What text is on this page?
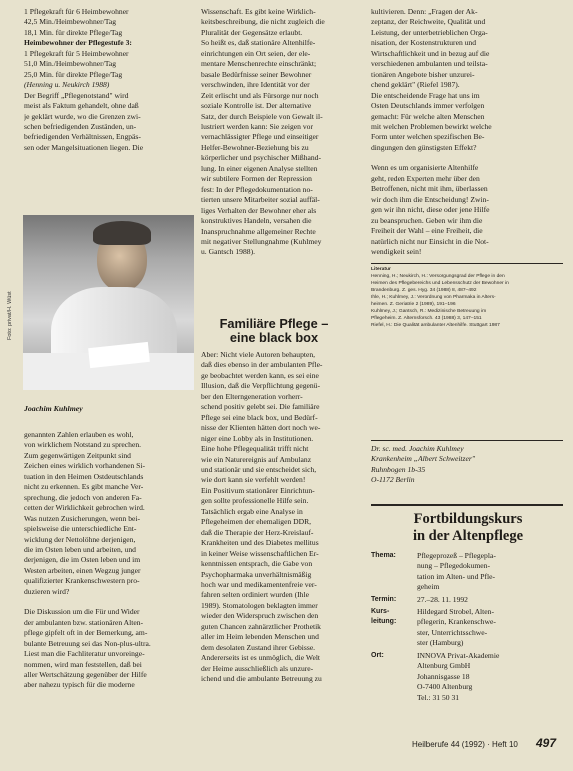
1 Pflegekraft für 6 Heimbewohner
42,5 Min./Heimbewohner/Tag
18,1 Min. für direkte Pflege/Tag
Heimbewohner der Pflegestufe 3:
1 Pflegekraft für 5 Heimbewohner
51,0 Min./Heimbewohner/Tag
25,0 Min. für direkte Pflege/Tag
(Henning u. Neukirch 1988)
Der Begriff „Pflegenotstand" wird
meist als Faktum gehandelt, ohne daß
je geklärt wurde, wo die Grenzen zwi-
schen befriedigenden Zuständen, un-
befriedigenden Verhältnissen, Engpäs-
sen oder Mangelsituationen liegen. Die
Foto: privat/H. Wüst
Joachim Kuhlmey
genannten Zahlen erlauben es wohl,
von wirklichem Notstand zu sprechen.
Zum gegenwärtigen Zeitpunkt sind
Zeichen eines wirklich vorhandenen Si-
tuation in den Heimen Ostdeutschlands
nicht zu erkennen. Es gibt manche Ver-
sprechung, die jedoch von anderen Fa-
cetten der Wirklichkeit gebrochen wird.
Was nutzen Zusicherungen, wenn bei-
spielsweise die unterschiedliche Ent-
wicklung der Nettolöhne derjenigen,
die im Osten leben und arbeiten, und
derjenigen, die im Osten leben und im
Westen arbeiten, einen Wegzug junger
qualifizierter Krankenschwestern pro-
duzieren wird?
Die Diskussion um die Für und Wider
der ambulanten bzw. stationären Alten-
pflege gipfelt oft in der Bemerkung, am-
bulante Betreuung sei das Non-plus-ultra.
Liest man die Fachliteratur unvoreinge-
nommen, wird man feststellen, daß bei
aller Wertschätzung gegenüber der Hilfe
aber nahezu typisch für die moderne
Wissenschaft. Es gibt keine Wirklich-
keitsbeschreibung, die nicht zugleich die
Pluralität der Gegensätze erlaubt.
So heißt es, daß stationäre Altenhilfe-
einrichtungen ein Ort seien, der ele-
mentare Menschenrechte einschränkt;
basale Bedürfnisse seiner Bewohner
verschwinden, ihre Identität vor der
Zeit erlischt und als Fürsorge nur noch
soziale Kontrolle ist. Der alternative
Satz, der durch Beispiele von Gewalt il-
lustriert werden kann: Sie zeigen vor
vernachlässigter Pflege und einseitiger
Helfer-Bewohner-Beziehung bis zu
körperlicher und psychischer Mißhand-
lung. In einer eigenen Analyse stellten
wir subtilere Formen der Repression
fest: In der Pflegedokumentation no-
tierten unsere Mitarbeiter sozial auffäl-
liges Verhalten der Bewohner eher als
konstruktives Handeln, versahen die
Inanspruchnahme allgemeiner Rechte
mit negativer Stellungnahme (Kuhlmey
u. Gantsch 1988).
Familiäre Pflege – eine black box
Aber: Nicht viele Autoren behaupten,
daß dies ebenso in der ambulanten Pfle-
ge beobachtet werden kann, es sei eine
Illusion, daß die Verpflichtung gegenü-
ber den Elterngeneration vorherr-
schend positiv gelebt sei. Die familiäre
Pflege sei eine black box, und Bedürf-
nisse der Klienten hätten dort noch we-
niger eine Lobby als in Institutionen.
Eine hohe Pflegequalität trifft nicht
wie ein Naturereignis auf Ambulanz
und stationär und sie entscheidet sich,
wie dort kann sie verfehlt werden!
Ein Positivum stationärer Einrichtun-
gen sollte professionelle Hilfe sein.
Tatsächlich ergab eine Analyse in
Pflegeheimen der ehemaligen DDR,
daß die Therapie der Herz-Kreislauf-
Krankheiten und des Diabetes mellitus
in keiner Weise wissenschaftlichen Er-
kenntnissen entsprach, die Gabe von
Psychopharmaka unverhältnismäßig
hoch war und medikamentenfreie ver-
fahren selten ordiniert wurden (Ihle
1989). Stomatologen beklagten immer
wieder den Widerspruch zwischen den
guten Chancen zahnärztlicher Prothetik
aller im Heim lebenden Menschen und
dem desolaten Zustand ihrer Gebisse.
Andererseits ist es unmöglich, die Welt
der Heime ausschließlich als unzure-
ichend und die ambulante Betreuung zu
kultivieren. Denn: „Fragen der Ak-
zeptanz, der Reichweite, Qualität und
Leistung, der unterbetrieblichen Orga-
nisation, der Kostenstrukturen und
Wirtschaftlichkeit und in bezug auf die
verschiedenen ambulanten und teilsta-
tionären Angebote bisher unzurei-
chend geklärt" (Riefel 1987).
Die entscheidende Frage hat uns im
Osten Deutschlands immer verfolgen
gemacht: Für welche alten Menschen
mit welchen Problemen bewirkt welche
Form unter welchen spezifischen Be-
dingungen den günstigsten Effekt?
Wenn es um organisierte Altenhilfe
geht, reden Experten mehr über den
Betroffenen, nicht mit ihm, überlassen
wir doch ihm die Entscheidung! Zwin-
gen wir ihn nicht, diese oder jene Hilfe
zu beanspruchen. Geben wir ihm die
Freiheit der Wahl – eine Freiheit, die
natürlich nicht nur Einsicht in die Not-
wendigkeit sein!
Literatur
Henning, H.; Neukirch, H.: Versorgungsgrad der Pflege in den
Heimen des Pflegebereichs und Lebensschutz der Bewohner in
Brandenburg. Z. ges. Hyg. 34 (1988) 8, 487–492
Ihle, H.; Kuhlmey, J.: Verordnung von Pharmaka in Alters-
heimen. Z. Geriatrie 2 (1989), 191–196
Kuhlmey, J.; Gantsch, R.: Medizinische Betreuung im
Pflegeheim. Z. Alternsforsch. 43 (1988) 3, 147–151
Riefel, H.: Die Qualität ambulanter Altenhilfe. Stuttgart 1987
Dr. sc. med. Joachim Kuhlmey
Krankenheim „Albert Schweitzer"
Ruhnbogen 1b-35
O-1172 Berlin
Fortbildungskurs
in der Altenpflege
Thema:	Pflegeprozeß – Pflegepla-
nung – Pflegedokumen-
tation im Alten- und Pfle-
geheim
Termin:	27.–28. 11. 1992
Kurs-
leitung:
Hildegard Strobel, Alten-
pflegerin, Krankenschwe-
ster, Unterrichtsschwe-
ster (Hamburg)
Ort:	INNOVA Privat-Akademie
Altenburg GmbH
Johannisgasse 18
O-7400 Altenburg
Tel.: 31 50 31
Heilberufe 44 (1992) · Heft 10 497
